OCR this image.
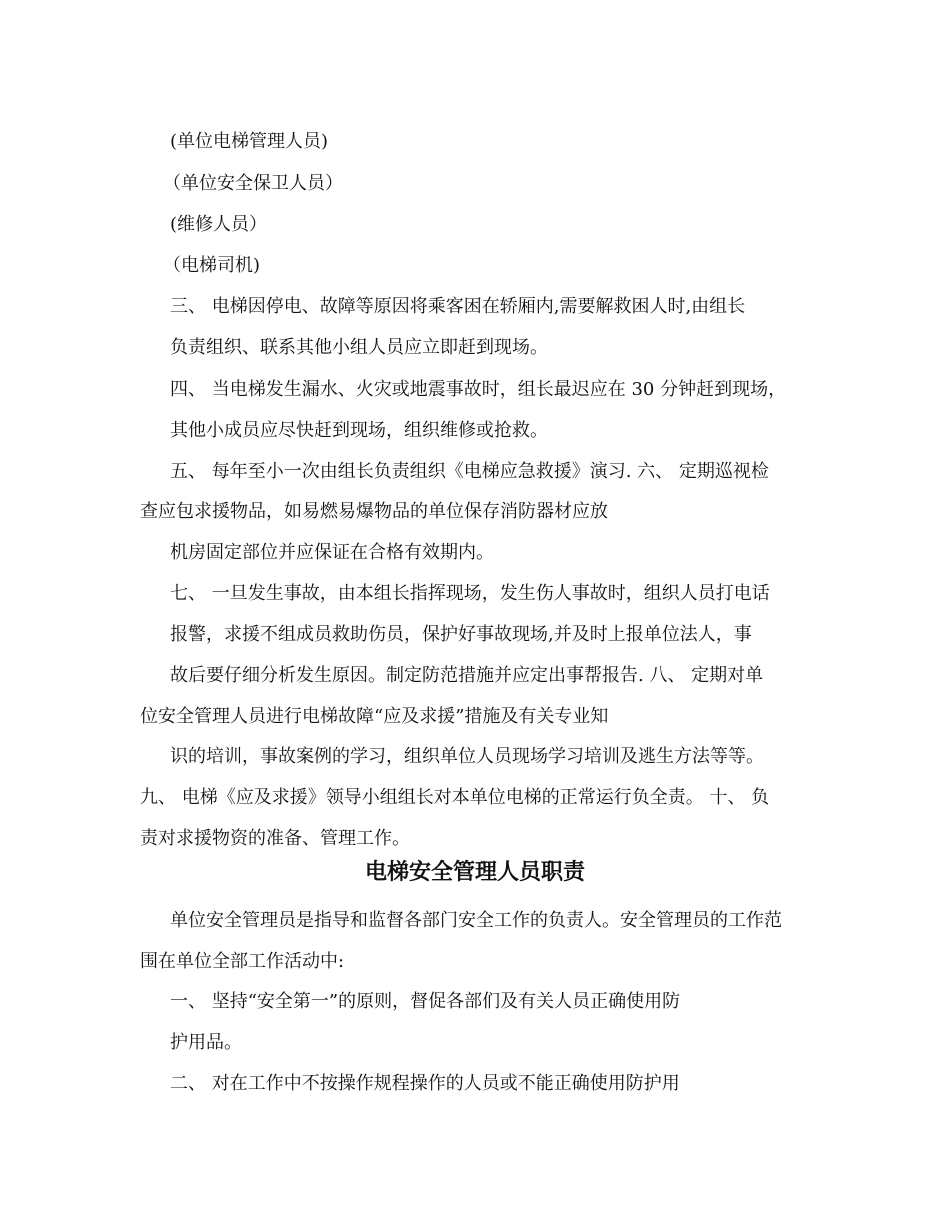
(单位电梯管理人员)
（单位安全保卫人员）
(维修人员）
（电梯司机)
三、 电梯因停电、故障等原因将乘客困在轿厢内,需要解救困人时,由组长
负责组织、联系其他小组人员应立即赶到现场。
四、 当电梯发生漏水、火灾或地震事故时，组长最迟应在 30 分钟赶到现场，
其他小成员应尽快赶到现场，组织维修或抢救。
五、 每年至小一次由组长负责组织《电梯应急救援》演习. 六、 定期巡视检
查应包求援物品，如易燃易爆物品的单位保存消防器材应放
机房固定部位并应保证在合格有效期内。
七、 一旦发生事故，由本组长指挥现场，发生伤人事故时，组织人员打电话
报警，求援不组成员救助伤员，保护好事故现场,并及时上报单位法人，事
故后要仔细分析发生原因。制定防范措施并应定出事帮报告. 八、 定期对单
位安全管理人员进行电梯故障“应及求援”措施及有关专业知
识的培训，事故案例的学习，组织单位人员现场学习培训及逃生方法等等。
九、 电梯《应及求援》领导小组组长对本单位电梯的正常运行负全责。 十、 负
责对求援物资的准备、管理工作。
电梯安全管理人员职责
单位安全管理员是指导和监督各部门安全工作的负责人。安全管理员的工作范
围在单位全部工作活动中:
一、 坚持“安全第一”的原则，督促各部们及有关人员正确使用防
护用品。
二、 对在工作中不按操作规程操作的人员或不能正确使用防护用
